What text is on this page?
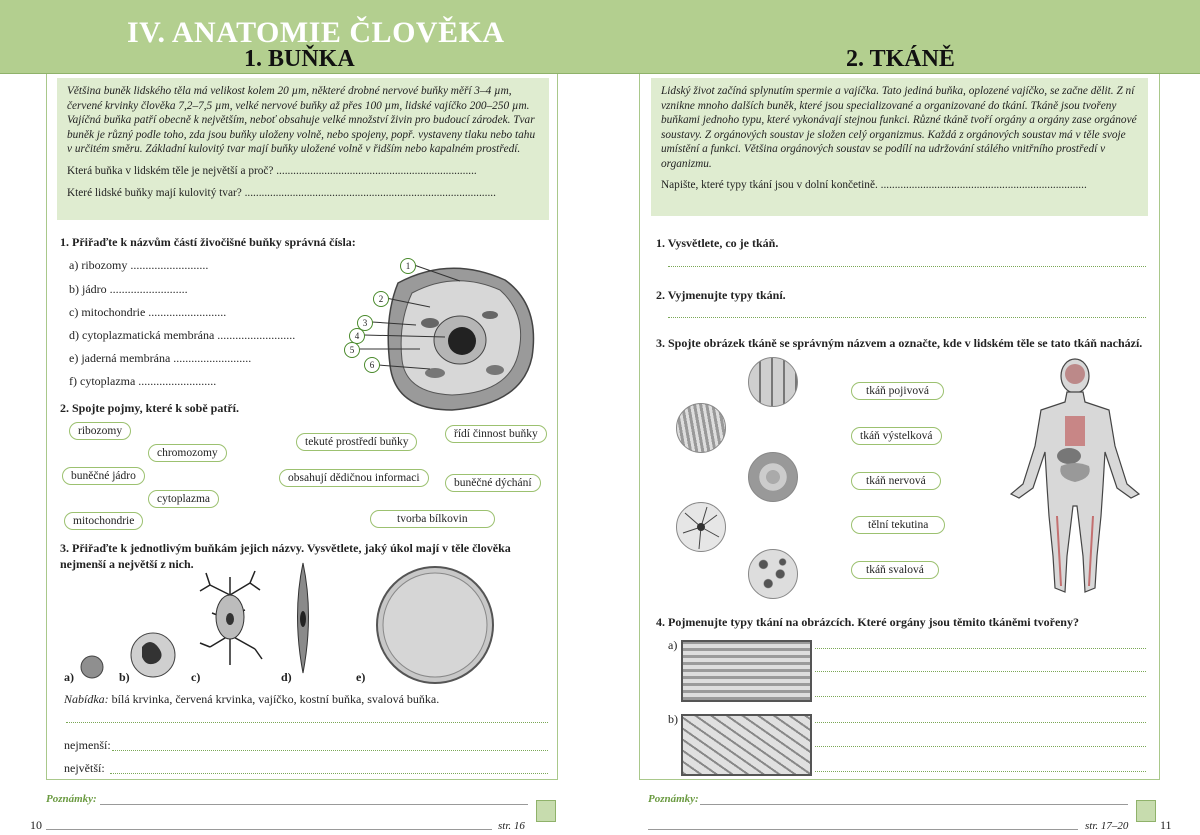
IV. ANATOMIE ČLOVĚKA
1. BUŇKA	2. TKÁNĚ

Většina buněk lidského těla má velikost kolem 20 µm, některé drobné nervové buňky měří 3–4 µm, červené krvinky člověka 7,2–7,5 µm, velké nervové buňky až přes 100 µm, lidské vajíčko 200–250 µm. Vajíčná buňka patří obecně k největším, neboť obsahuje velké množství živin pro budoucí zárodek. Tvar buněk je různý podle toho, zda jsou buňky uloženy volně, nebo spojeny, popř. vystaveny tlaku nebo tahu v určitém směru. Základní kulovitý tvar mají buňky uložené volně v řidším nebo kapalném prostředí.

Která buňka v lidském těle je největší a proč? .......................................................................

Které lidské buňky mají kulovitý tvar? .........................................................................................

1. Přiřaďte k názvům částí živočišné buňky správná čísla:
a) ribozomy ..........................
b) jádro ..........................
c) mitochondrie ..........................
d) cytoplazmatická membrána ..........................
e) jaderná membrána ..........................
f) cytoplazma ..........................
1
2
3
4
5
6
2. Spojte pojmy, které k sobě patří.
ribozomy
chromozomy
buněčné jádro
cytoplazma
mitochondrie
tekuté prostředí buňky
obsahují dědičnou informaci
řídí činnost buňky
buněčné dýchání
tvorba bílkovin
3. Přiřaďte k jednotlivým buňkám jejich názvy. Vysvětlete, jaký úkol mají v těle člověka nejmenší a největší z nich.
a)	b)	c)	d)	e)
Nabídka: bílá krvinka, červená krvinka, vajíčko, kostní buňka, svalová buňka.
nejmenší:
největší:
Poznámky:
str. 16
10

Lidský život začíná splynutím spermie a vajíčka. Tato jediná buňka, oplozené vajíčko, se začne dělit. Z ní vznikne mnoho dalších buněk, které jsou specializované a organizované do tkání. Tkáně jsou tvořeny buňkami jednoho typu, které vykonávají stejnou funkci. Různé tkáně tvoří orgány a orgány zase orgánové soustavy. Z orgánových soustav je složen celý organizmus. Každá z orgánových soustav má v těle svoje umístění a funkci. Většina orgánových soustav se podílí na udržování stálého vnitřního prostředí v organizmu.

Napište, které typy tkání jsou v dolní končetině. .........................................................................

1. Vysvětlete, co je tkáň.
2. Vyjmenujte typy tkání.
3. Spojte obrázek tkáně se správným názvem a označte, kde v lidském těle se tato tkáň nachází.
tkáň pojivová
tkáň výstelková
tkáň nervová
tělní tekutina
tkáň svalová
4. Pojmenujte typy tkání na obrázcích. Které orgány jsou těmito tkáněmi tvořeny?
a)
b)
Poznámky:
str. 17–20	11
